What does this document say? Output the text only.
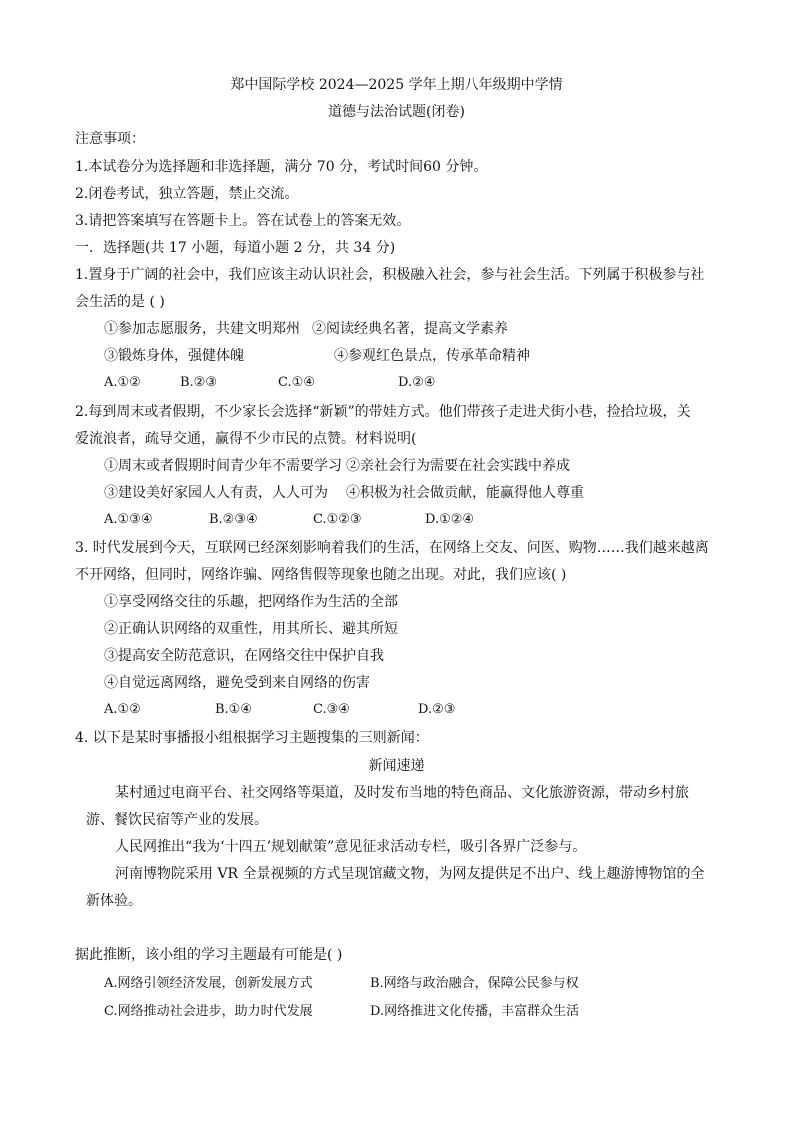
郑中国际学校 2024—2025 学年上期八年级期中学情
道德与法治试题(闭卷)
注意事项：
1.本试卷分为选择题和非选择题，满分 70 分，考试时间60 分钟。
2.闭卷考试，独立答题，禁止交流。
3.请把答案填写在答题卡上。答在试卷上的答案无效。
一．选择题(共 17 小题，每道小题 2 分，共 34 分)
1.置身于广阔的社会中，我们应该主动认识社会，积极融入社会，参与社会生活。下列属于积极参与社
会生活的是 ( )
①参加志愿服务，共建文明郑州 ②阅读经典名著，提高文学素养
③锻炼身体，强健体魄	④参观红色景点，传承革命精神
A.①②	B.②③	C.①④	D.②④
2.每到周末或者假期，不少家长会选择“新颖”的带娃方式。他们带孩子走进犬街小巷，捡拾垃圾，关
爱流浪者，疏导交通，赢得不少市民的点赞。材料说明(
①周末或者假期时间青少年不需要学习 ②亲社会行为需要在社会实践中养成
③建设美好家园人人有责，人人可为 ④积极为社会做贡献，能赢得他人尊重
A.①③④	B.②③④	C.①②③	D.①②④
3. 时代发展到今天，互联网已经深刻影响着我们的生活，在网络上交友、问医、购物……我们越来越离
不开网络，但同时，网络诈骗、网络售假等现象也随之出现。对此，我们应该( )
①享受网络交往的乐趣，把网络作为生活的全部
②正确认识网络的双重性，用其所长、避其所短
③提高安全防范意识，在网络交往中保护自我
④自觉远离网络，避免受到来自网络的伤害
A.①②	B.①④	C.③④	D.②③
4. 以下是某时事播报小组根据学习主题搜集的三则新闻：
新闻速递
某村通过电商平台、社交网络等渠道，及时发布当地的特色商品、文化旅游资源，带动乡村旅
游、餐饮民宿等产业的发展。
人民网推出“我为‘十四五’规划献策”意见征求活动专栏，吸引各界广泛参与。
河南博物院采用 VR 全景视频的方式呈现馆藏文物，为网友提供足不出户、线上趣游博物馆的全
新体验。
据此推断，该小组的学习主题最有可能是( )
A.网络引领经济发展，创新发展方式	B.网络与政治融合，保障公民参与权
C.网络推动社会进步，助力时代发展	D.网络推进文化传播，丰富群众生活
